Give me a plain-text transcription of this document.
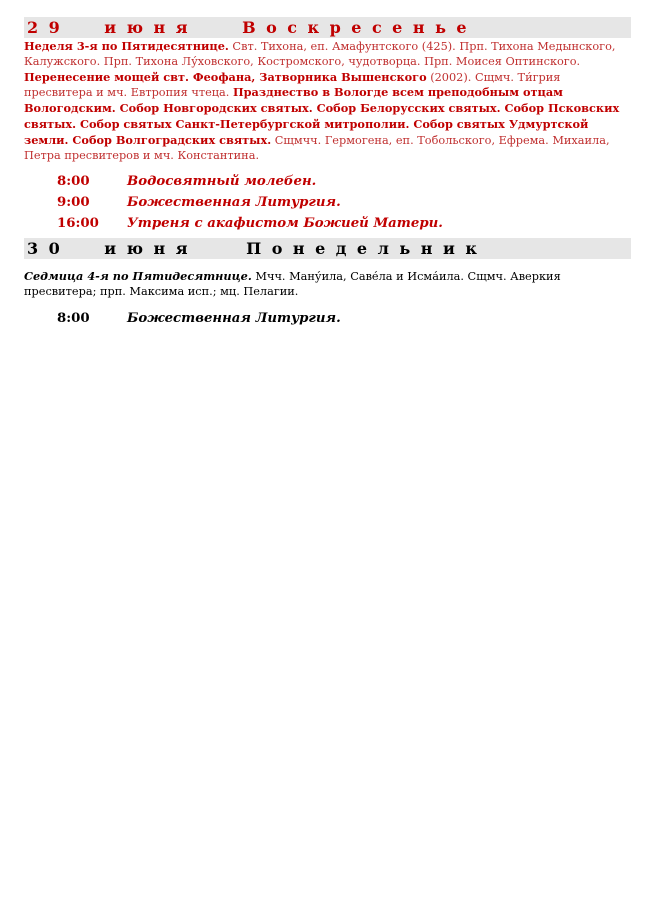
29 июня	Воскресенье
Неделя 3-я по Пятидесятнице. Свт. Тихона, еп. Амафунтского (425). Прп. Тихона Медынского, Калужского. Прп. Тихона Лу́ховского, Костромского, чудотворца. Прп. Моисея Оптинского. Перенесение мощей свт. Феофана, Затворника Вышенского (2002). Сщмч. Ти́грия пресвитера и мч. Евтропия чтеца. Празднество в Вологде всем преподобным отцам Вологодским. Собор Новгородских святых. Собор Белорусских святых. Собор Псковских святых. Собор святых Санкт-Петербургской митрополии. Собор святых Удмуртской земли. Собор Волгоградских святых. Сщмчч. Гермогена, еп. Тобольского, Ефрема. Михаила, Петра пресвитеров и мч. Константина.
8:00	Водосвятный молебен.
9:00	Божественная Литургия.
16:00	Утреня с акафистом Божией Матери.
30 июня	Понедельник
Седмица 4-я по Пятидесятнице. Мчч. Ману́ила, Саве́ла и Исма́ила. Сщмч. Аверкия пресвитера; прп. Максима исп.; мц. Пелагии.
8:00	Божественная Литургия.
